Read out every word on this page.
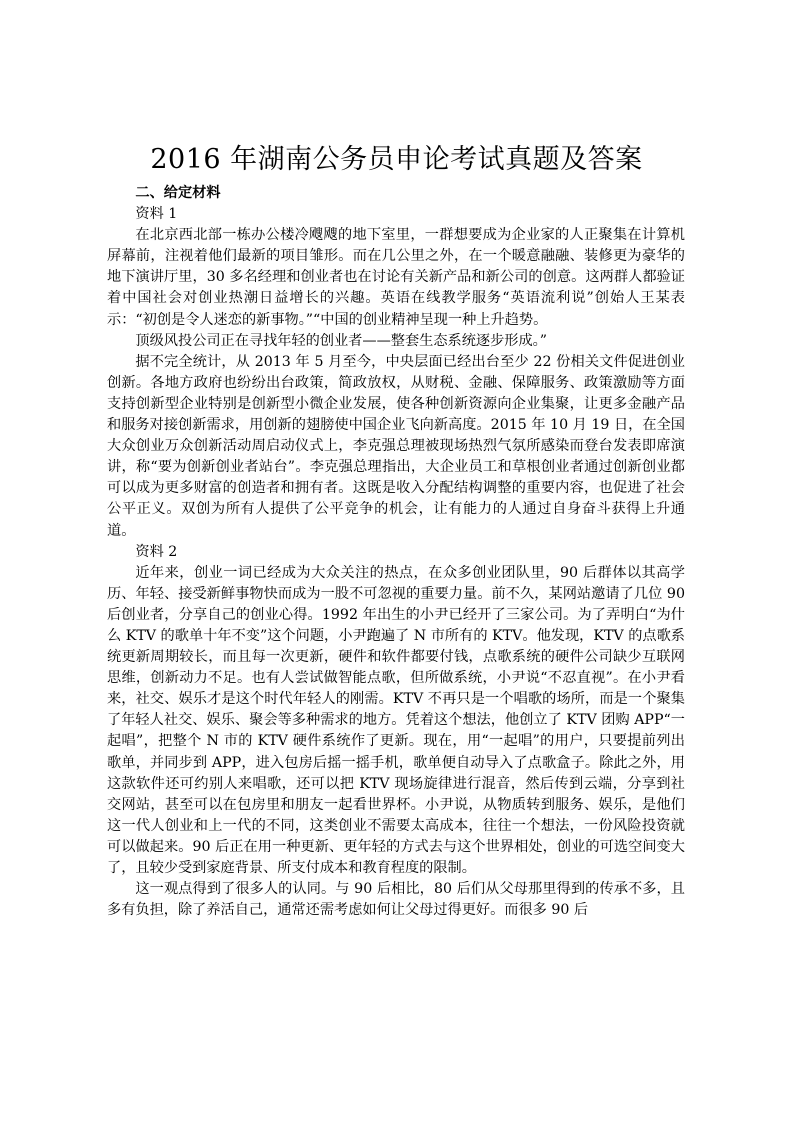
2016 年湖南公务员申论考试真题及答案
二、给定材料
资料 1

在北京西北部一栋办公楼冷飕飕的地下室里，一群想要成为企业家的人正聚集在计算机屏幕前，注视着他们最新的项目雏形。而在几公里之外，在一个暖意融融、装修更为豪华的地下演讲厅里，30 多名经理和创业者也在讨论有关新产品和新公司的创意。这两群人都验证着中国社会对创业热潮日益增长的兴趣。英语在线教学服务“英语流利说”创始人王某表示：“初创是令人迷恋的新事物。”“中国的创业精神呈现一种上升趋势。

顶级风投公司正在寻找年轻的创业者——整套生态系统逐步形成。”

据不完全统计，从 2013 年 5 月至今，中央层面已经出台至少 22 份相关文件促进创业创新。各地方政府也纷纷出台政策，简政放权，从财税、金融、保障服务、政策激励等方面支持创新型企业特别是创新型小微企业发展，使各种创新资源向企业集聚，让更多金融产品和服务对接创新需求，用创新的翅膀使中国企业飞向新高度。2015 年 10 月 19 日，在全国大众创业万众创新活动周启动仪式上，李克强总理被现场热烈气氛所感染而登台发表即席演讲，称“要为创新创业者站台”。李克强总理指出，大企业员工和草根创业者通过创新创业都可以成为更多财富的创造者和拥有者。这既是收入分配结构调整的重要内容，也促进了社会公平正义。双创为所有人提供了公平竞争的机会，让有能力的人通过自身奋斗获得上升通道。

资料 2

近年来，创业一词已经成为大众关注的热点，在众多创业团队里，90 后群体以其高学历、年轻、接受新鲜事物快而成为一股不可忽视的重要力量。前不久，某网站邀请了几位 90 后创业者，分享自己的创业心得。1992 年出生的小尹已经开了三家公司。为了弄明白“为什么 KTV 的歌单十年不变”这个问题，小尹跑遍了 N 市所有的 KTV。他发现，KTV 的点歌系统更新周期较长，而且每一次更新，硬件和软件都要付钱，点歌系统的硬件公司缺少互联网思维，创新动力不足。也有人尝试做智能点歌，但所做系统，小尹说“不忍直视”。在小尹看来，社交、娱乐才是这个时代年轻人的刚需。KTV 不再只是一个唱歌的场所，而是一个聚集了年轻人社交、娱乐、聚会等多种需求的地方。凭着这个想法，他创立了 KTV 团购 APP“一起唱”，把整个 N 市的 KTV 硬件系统作了更新。现在，用“一起唱”的用户，只要提前列出歌单，并同步到 APP，进入包房后摇一摇手机，歌单便自动导入了点歌盒子。除此之外，用这款软件还可约别人来唱歌，还可以把 KTV 现场旋律进行混音，然后传到云端，分享到社交网站，甚至可以在包房里和朋友一起看世界杯。小尹说，从物质转到服务、娱乐，是他们这一代人创业和上一代的不同，这类创业不需要太高成本，往往一个想法，一份风险投资就可以做起来。90 后正在用一种更新、更年轻的方式去与这个世界相处，创业的可选空间变大了，且较少受到家庭背景、所支付成本和教育程度的限制。

这一观点得到了很多人的认同。与 90 后相比，80 后们从父母那里得到的传承不多，且多有负担，除了养活自己，通常还需考虑如何让父母过得更好。而很多 90 后
